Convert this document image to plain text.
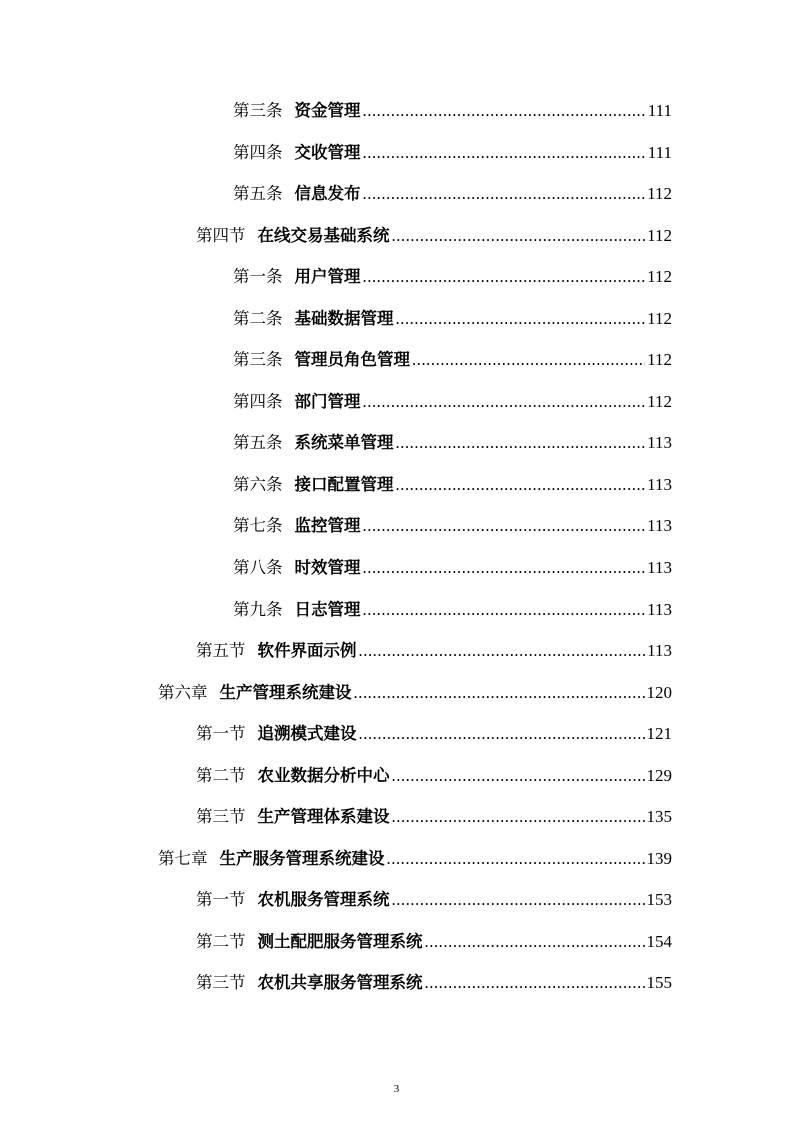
第三条 资金管理 .....	111
第四条 交收管理 .....	111
第五条 信息发布 .....	112
第四节 在线交易基础系统 .....	112
第一条 用户管理 .....	112
第二条 基础数据管理 .....	112
第三条 管理员角色管理 .....	112
第四条 部门管理 .....	112
第五条 系统菜单管理 .....	113
第六条 接口配置管理 .....	113
第七条 监控管理 .....	113
第八条 时效管理 .....	113
第九条 日志管理 .....	113
第五节 软件界面示例 .....	113
第六章 生产管理系统建设 .....	120
第一节 追溯模式建设 .....	121
第二节 农业数据分析中心 .....	129
第三节 生产管理体系建设 .....	135
第七章 生产服务管理系统建设 .....	139
第一节 农机服务管理系统 .....	153
第二节 测土配肥服务管理系统 .....	154
第三节 农机共享服务管理系统 .....	155
3
